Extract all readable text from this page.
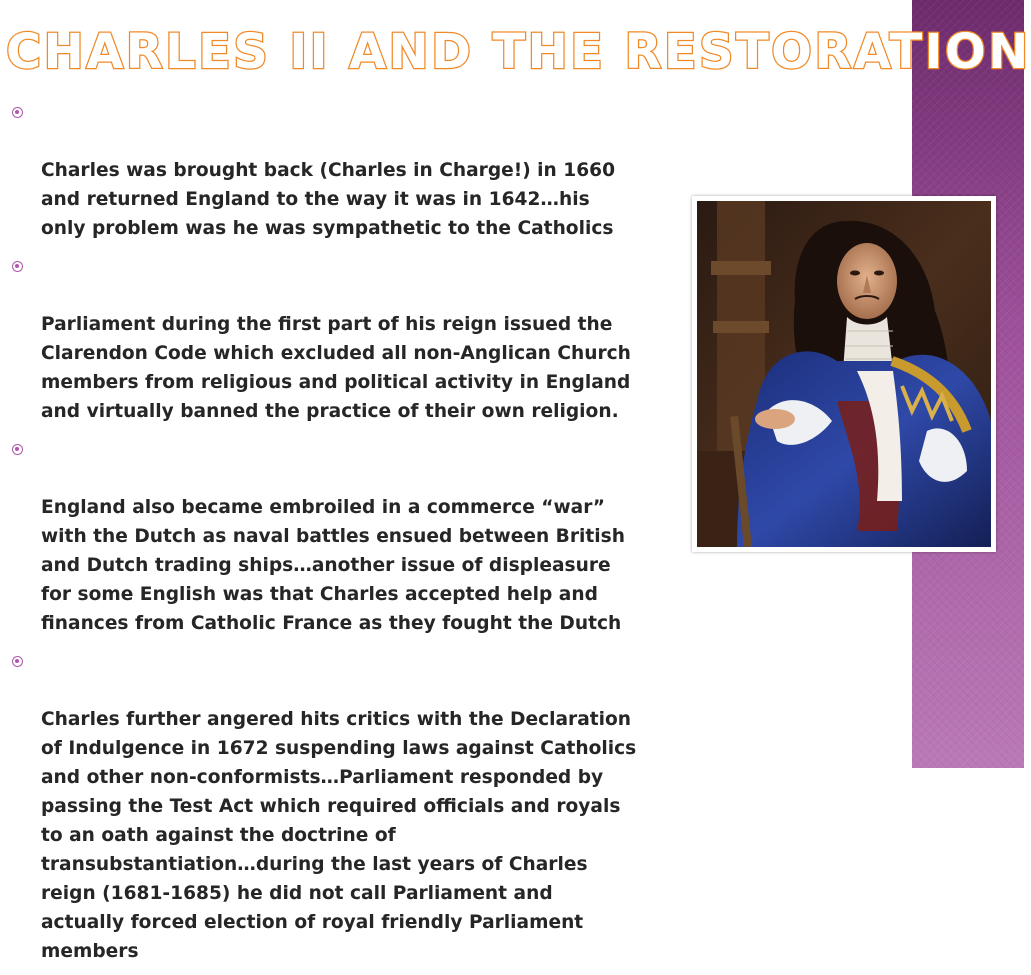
CHARLES II AND THE RESTORATION

Charles was brought back (Charles in Charge!) in 1660
and returned England to the way it was in 1642…his
only problem was he was sympathetic to the Catholics

Parliament during the first part of his reign issued the
Clarendon Code which excluded all non-Anglican Church
members from religious and political activity in England
and virtually banned the practice of their own religion.

England also became embroiled in a commerce “war”
with the Dutch as naval battles ensued between British
and Dutch trading ships…another issue of displeasure
for some English was that Charles accepted help and
finances from Catholic France as they fought the Dutch

Charles further angered hits critics with the Declaration
of Indulgence in 1672 suspending laws against Catholics
and other non-conformists…Parliament responded by
passing the Test Act which required officials and royals
to an oath against the doctrine of
transubstantiation…during the last years of Charles
reign (1681-1685) he did not call Parliament and
actually forced election of royal friendly Parliament
members
